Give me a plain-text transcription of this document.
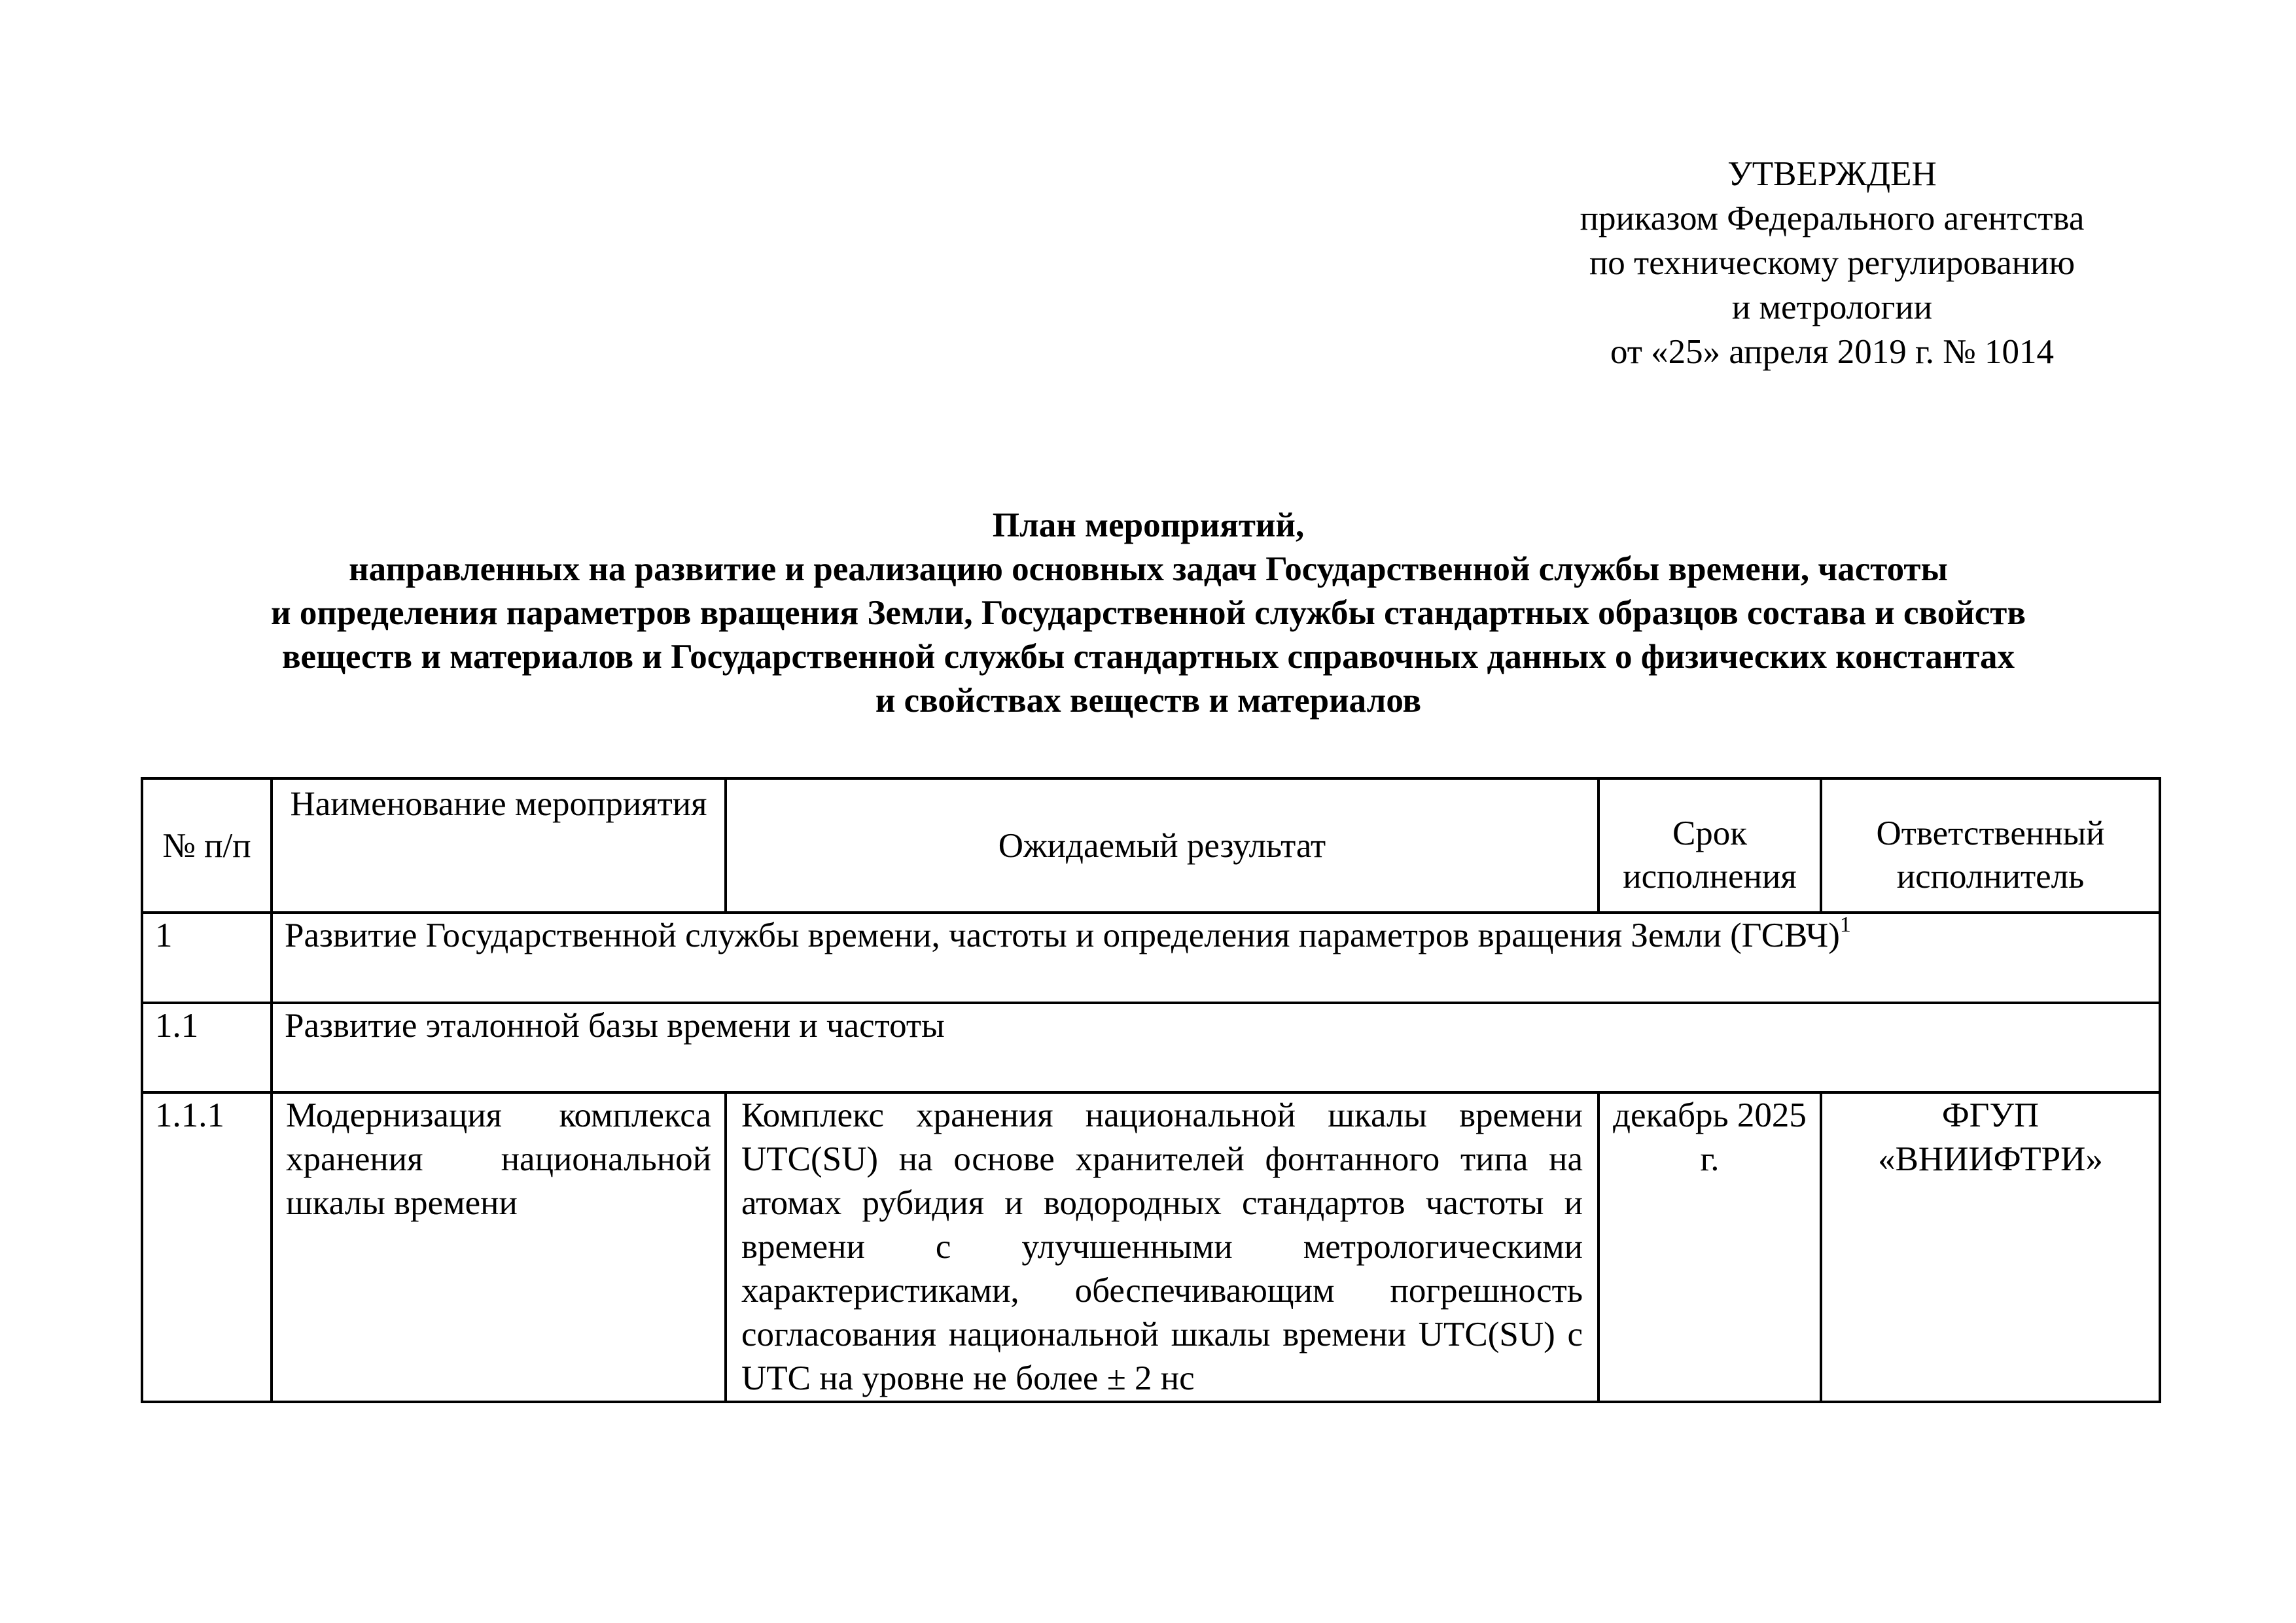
УТВЕРЖДЕН
приказом Федерального агентства
по техническому регулированию
и метрологии
от «25» апреля 2019 г. № 1014
План мероприятий,
направленных на развитие и реализацию основных задач Государственной службы времени, частоты
и определения параметров вращения Земли, Государственной службы стандартных образцов состава и свойств
веществ и материалов и Государственной службы стандартных справочных данных о физических константах
и свойствах веществ и материалов
№ п/п	Наименование мероприятия	Ожидаемый результат	Срок исполнения	Ответственный исполнитель
1	Развитие Государственной службы времени, частоты и определения параметров вращения Земли (ГСВЧ)$^1$
1.1	Развитие эталонной базы времени и частоты			
1.1.1	Модернизация комплекса хранения национальной шкалы времени	Комплекс хранения национальной шкалы времени UTC(SU) на основе хранителей фонтанного типа на атомах рубидия и водородных стандартов частоты и времени с улучшенными метрологическими характеристиками, обеспечивающим погрешность согласования национальной шкалы времени UTC(SU) с UTC на уровне не более ± 2 нс	декабрь 2025 г.	ФГУП «ВНИИФТРИ»
